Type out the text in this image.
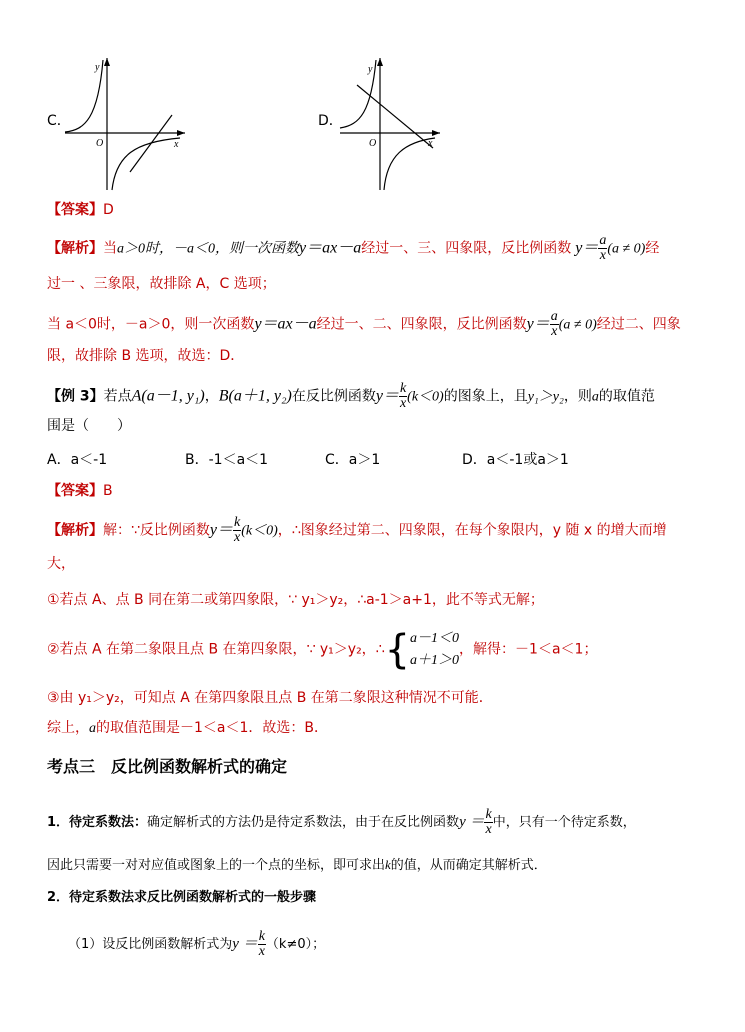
C．
y
x
O
D．
y
x
O
【答案】D
【解析】当a＞0时，－a＜0，则一次函数y＝ax－a经过一、三、四象限，反比例函数 $y= \frac{a}{x} (a \ne 0)$经
过一 、三象限，故排除 A，C 选项；
当 a＜0时，－a＞0，则一次函数y＝ax－a经过一、二、四象限，反比例函数$y= \frac{a}{x} (a \ne 0)$经过二、四象
限，故排除 B 选项，故选：D．
【例 3】若点A(a－1, y₁)，B(a＋1, y₂)在反比例函数$y= \frac{k}{x} (k<0)$的图象上，且y₁＞y₂，则a的取值范
围是（　　）
A．a＜-1	B．-1＜a＜1	C．a＞1	D．a＜-1或a＞1
【答案】B
【解析】解：∵反比例函数$y= \frac{k}{x} (k<0)$，∴图象经过第二、四象限，在每个象限内，y 随 x 的增大而增
大，
①若点 A、点 B 同在第二或第四象限，∵ y₁＞y₂，∴a-1＞a+1，此不等式无解；
②若点 A 在第二象限且点 B 在第四象限，∵ y₁＞y₂，∴{ a－1＜0
a＋1＞0
，解得：－1＜a＜1；
③由 y₁＞y₂，可知点 A 在第四象限且点 B 在第二象限这种情况不可能．
综上，a的取值范围是－1＜a＜1．故选：B．
考点三　反比例函数解析式的确定
1．待定系数法：确定解析式的方法仍是待定系数法，由于在反比例函数$y = \frac{k}{x}$ 中，只有一个待定系数，
因此只需要一对对应值或图象上的一个点的坐标，即可求出k的值，从而确定其解析式．
2．待定系数法求反比例函数解析式的一般步骤
（1）设反比例函数解析式为$y = \frac{k}{x} (k\ne 0)$；
